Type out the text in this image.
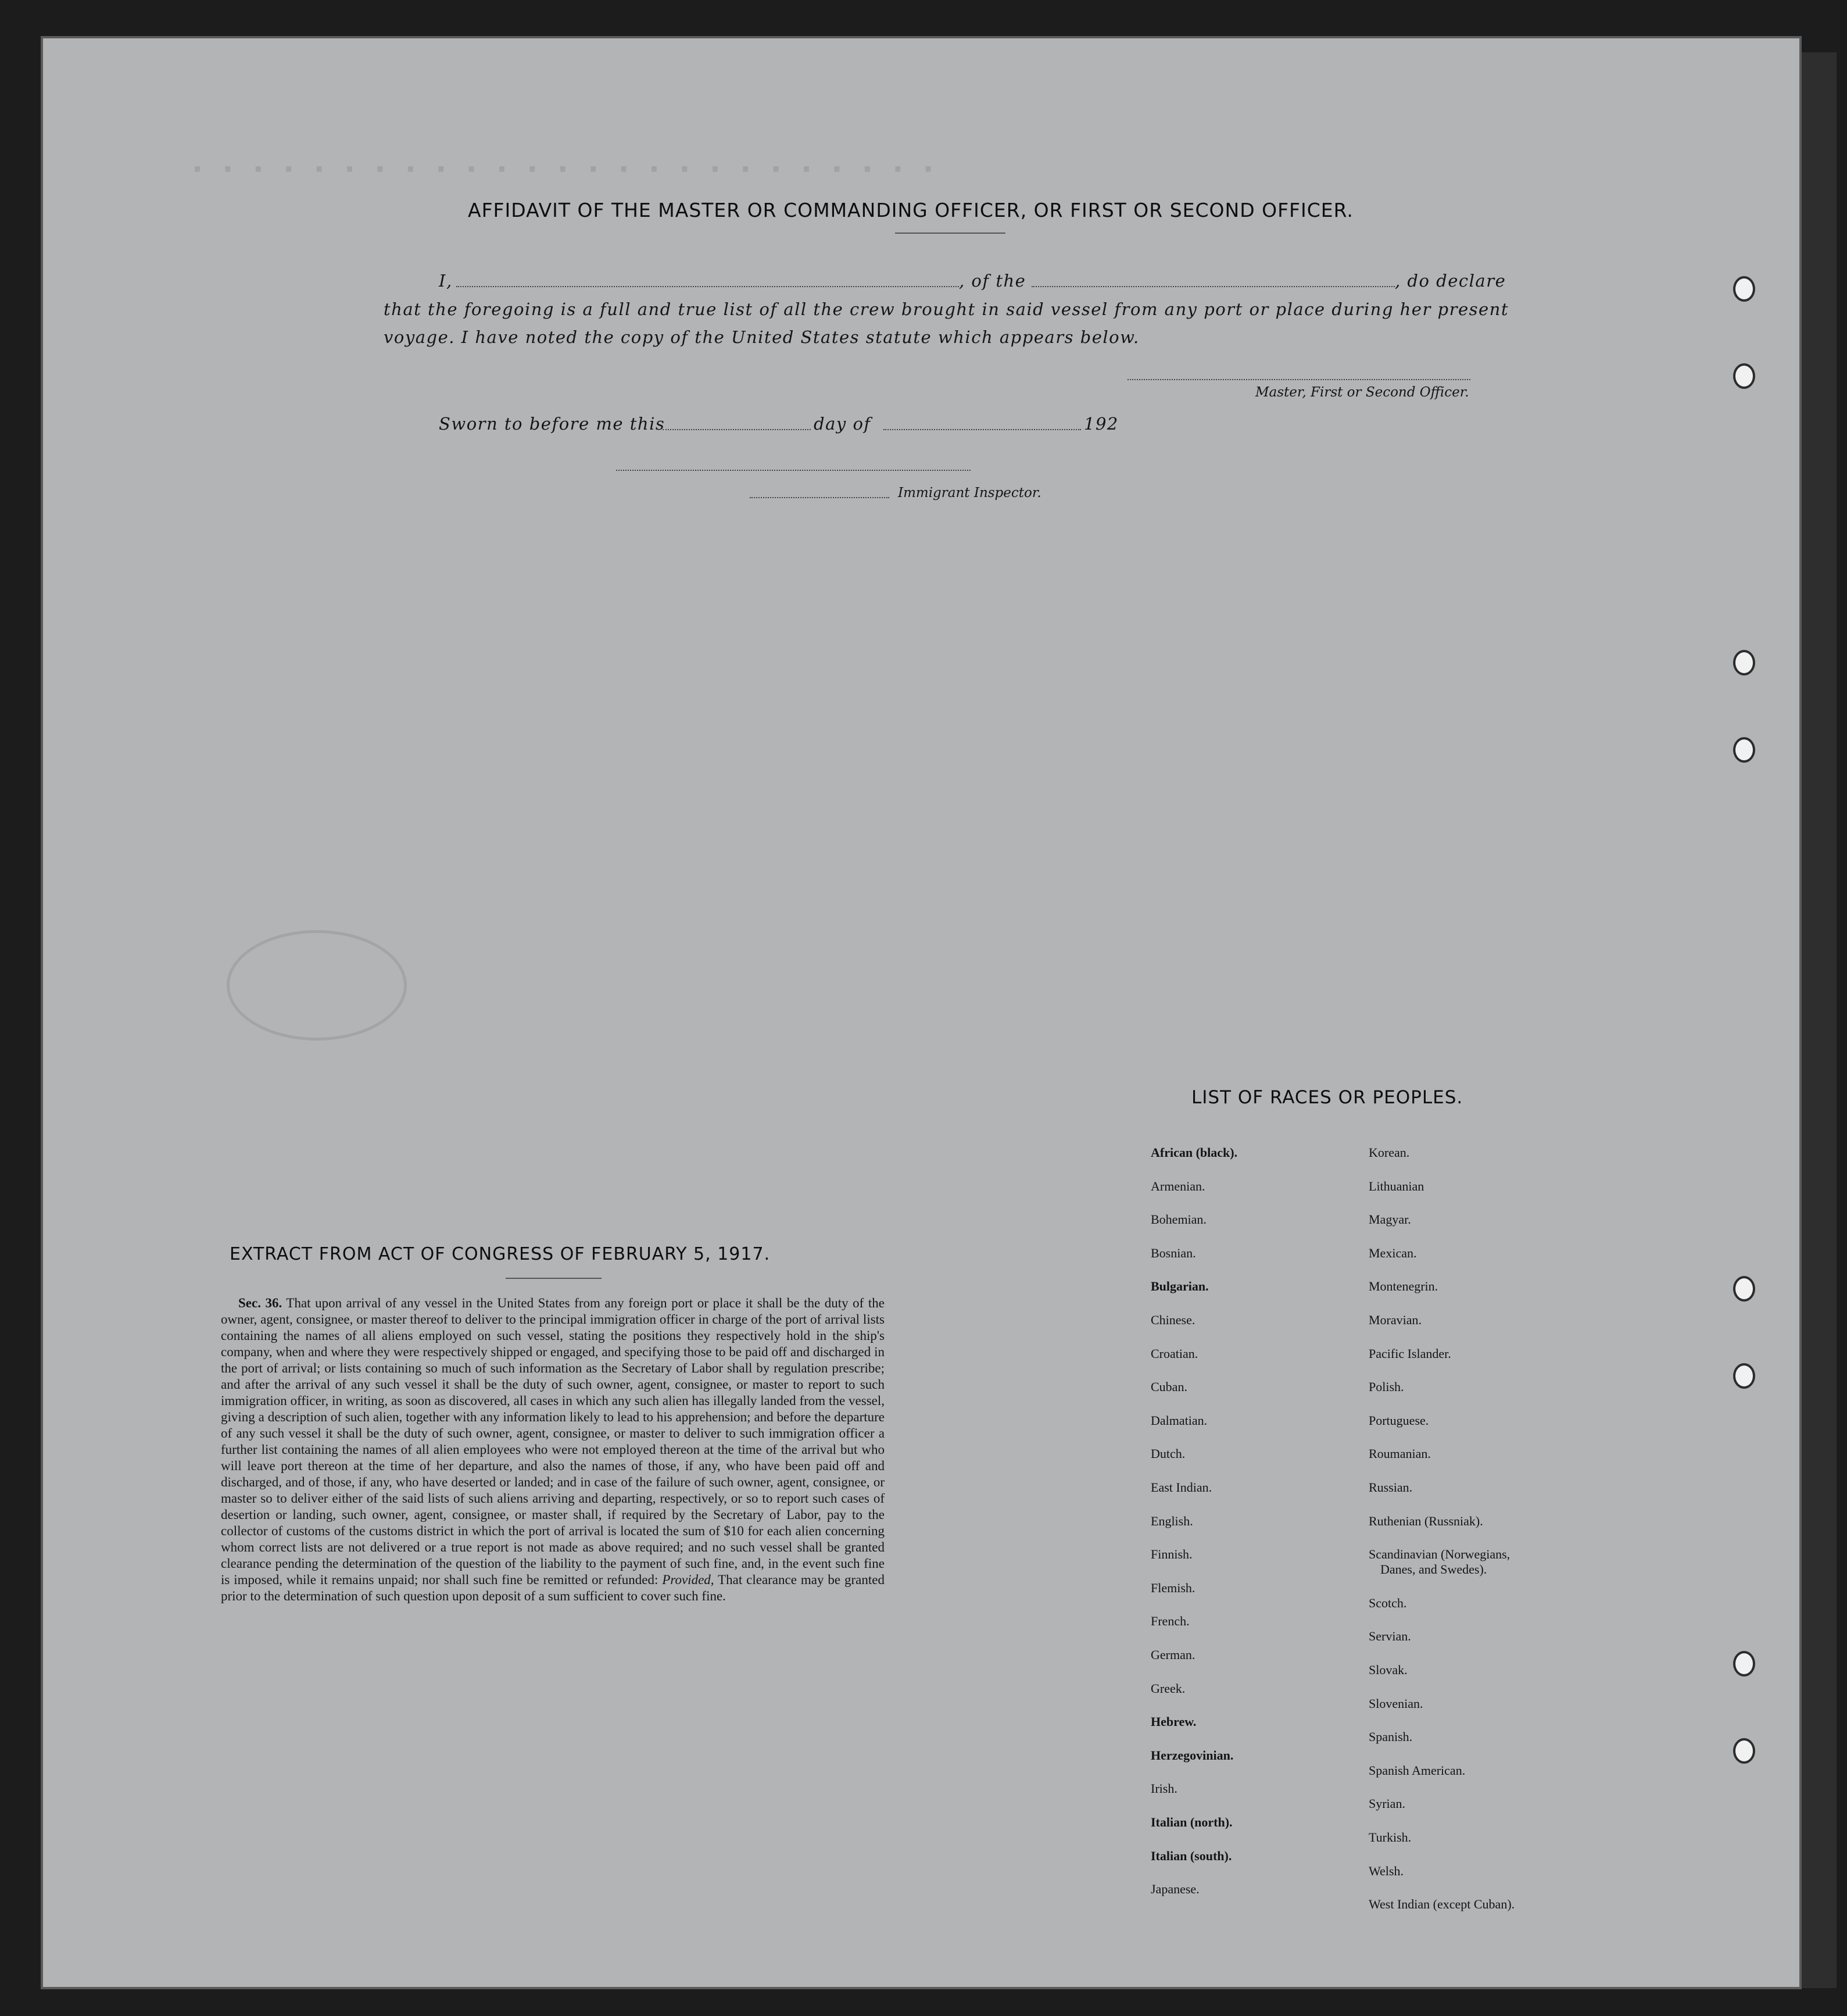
· · · · · · · · · · · · · · · · · · · · · · · · ·
AFFIDAVIT OF THE MASTER OR COMMANDING OFFICER, OR FIRST OR SECOND OFFICER.
I,	, of the	, do declare
that the foregoing is a full and true list of all the crew brought in said vessel from any port or place during her present
voyage. I have noted the copy of the United States statute which appears below.
Master, First or Second Officer.
Sworn to before me this	day of	192
Immigrant Inspector.
EXTRACT FROM ACT OF CONGRESS OF FEBRUARY 5, 1917.
Sec. 36. That upon arrival of any vessel in the United States from any foreign port or place it shall be the duty of the owner, agent, consignee, or master thereof to deliver to the principal immigration officer in charge of the port of arrival lists containing the names of all aliens employed on such vessel, stating the positions they respectively hold in the ship's company, when and where they were respectively shipped or engaged, and specifying those to be paid off and discharged in the port of arrival; or lists containing so much of such information as the Secretary of Labor shall by regulation prescribe; and after the arrival of any such vessel it shall be the duty of such owner, agent, consignee, or master to report to such immigration officer, in writing, as soon as discovered, all cases in which any such alien has illegally landed from the vessel, giving a description of such alien, together with any information likely to lead to his apprehension; and before the departure of any such vessel it shall be the duty of such owner, agent, consignee, or master to deliver to such immigration officer a further list containing the names of all alien employees who were not employed thereon at the time of the arrival but who will leave port thereon at the time of her departure, and also the names of those, if any, who have been paid off and discharged, and of those, if any, who have deserted or landed; and in case of the failure of such owner, agent, consignee, or master so to deliver either of the said lists of such aliens arriving and departing, respectively, or so to report such cases of desertion or landing, such owner, agent, consignee, or master shall, if required by the Secretary of Labor, pay to the collector of customs of the customs district in which the port of arrival is located the sum of $10 for each alien concerning whom correct lists are not delivered or a true report is not made as above required; and no such vessel shall be granted clearance pending the determination of the question of the liability to the payment of such fine, and, in the event such fine is imposed, while it remains unpaid; nor shall such fine be remitted or refunded: Provided, That clearance may be granted prior to the determination of such question upon deposit of a sum sufficient to cover such fine.
LIST OF RACES OR PEOPLES.
African (black).
Armenian.
Bohemian.
Bosnian.
Bulgarian.
Chinese.
Croatian.
Cuban.
Dalmatian.
Dutch.
East Indian.
English.
Finnish.
Flemish.
French.
German.
Greek.
Hebrew.
Herzegovinian.
Irish.
Italian (north).
Italian (south).
Japanese.
Korean.
Lithuanian
Magyar.
Mexican.
Montenegrin.
Moravian.
Pacific Islander.
Polish.
Portuguese.
Roumanian.
Russian.
Ruthenian (Russniak).
Scandinavian (Norwegians,
Danes, and Swedes).
Scotch.
Servian.
Slovak.
Slovenian.
Spanish.
Spanish American.
Syrian.
Turkish.
Welsh.
West Indian (except Cuban).
